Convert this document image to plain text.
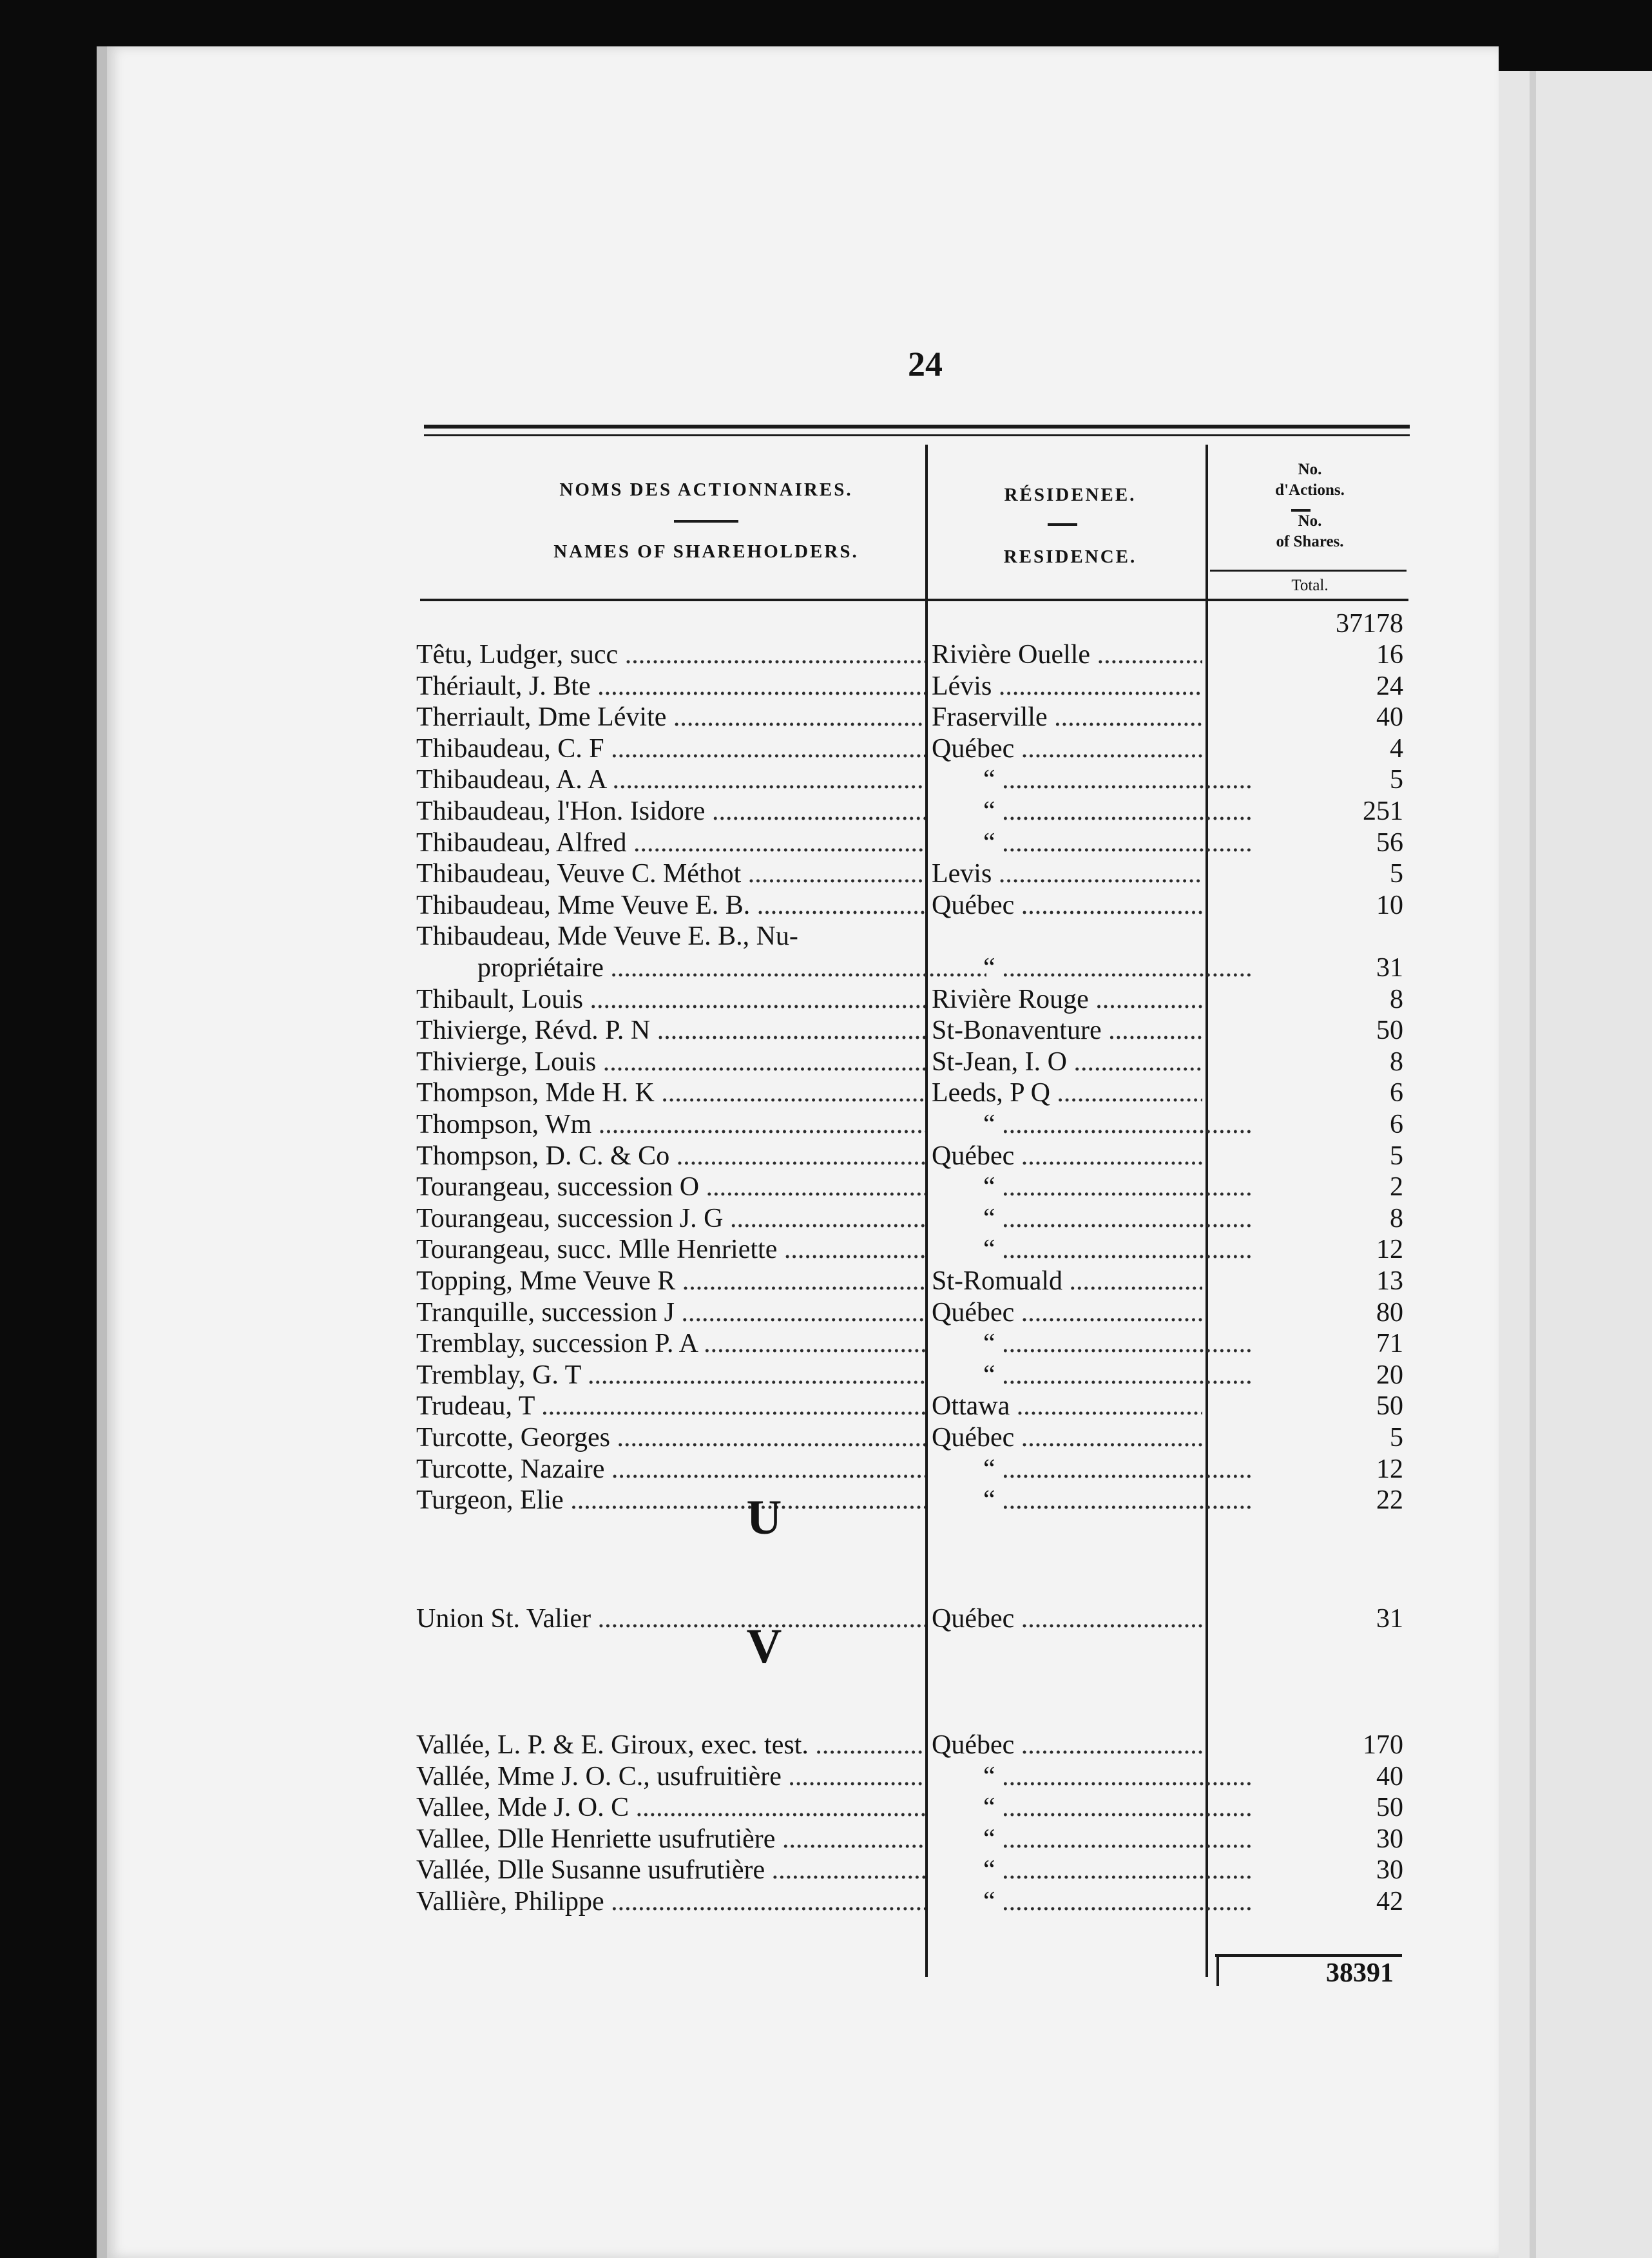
24
NOMS DES ACTIONNAIRES.
NAMES OF SHAREHOLDERS.
RÉSIDENEE.
RESIDENCE.
No.
d'Actions.
No.
of Shares.
Total.
37178
Têtu, Ludger, succ .....	Rivière Ouelle .....	16
Thériault, J. Bte .....	Lévis .....	24
Therriault, Dme Lévite .....	Fraserville .....	40
Thibaudeau, C. F .....	Québec .....	4
Thibaudeau, A. A .....	“ .....	5
Thibaudeau, l'Hon. Isidore .....	“ .....	251
Thibaudeau, Alfred .....	“ .....	56
Thibaudeau, Veuve C. Méthot .....	Levis .....	5
Thibaudeau, Mme Veuve E. B. .....	Québec .....	10
Thibaudeau, Mde Veuve E. B., Nu-
propriétaire .....	“ .....	31
Thibault, Louis .....	Rivière Rouge .....	8
Thivierge, Révd. P. N .....	St-Bonaventure .....	50
Thivierge, Louis .....	St-Jean, I. O .....	8
Thompson, Mde H. K .....	Leeds, P Q .....	6
Thompson, Wm .....	“ .....	6
Thompson, D. C. & Co .....	Québec .....	5
Tourangeau, succession O .....	“ .....	2
Tourangeau, succession J. G .....	“ .....	8
Tourangeau, succ. Mlle Henriette .....	“ .....	12
Topping, Mme Veuve R .....	St-Romuald .....	13
Tranquille, succession J .....	Québec .....	80
Tremblay, succession P. A .....	“ .....	71
Tremblay, G. T .....	“ .....	20
Trudeau, T .....	Ottawa .....	50
Turcotte, Georges .....	Québec .....	5
Turcotte, Nazaire .....	“ .....	12
Turgeon, Elie .....	“ .....	22
U
Union St. Valier .....	Québec .....	31
V
Vallée, L. P. & E. Giroux, exec. test. .....	Québec .....	170
Vallée, Mme J. O. C., usufruitière .....	“ .....	40
Vallee, Mde J. O. C .....	“ .....	50
Vallee, Dlle Henriette usufrutière .....	“ .....	30
Vallée, Dlle Susanne usufrutière .....	“ .....	30
Vallière, Philippe .....	“ .....	42
38391
